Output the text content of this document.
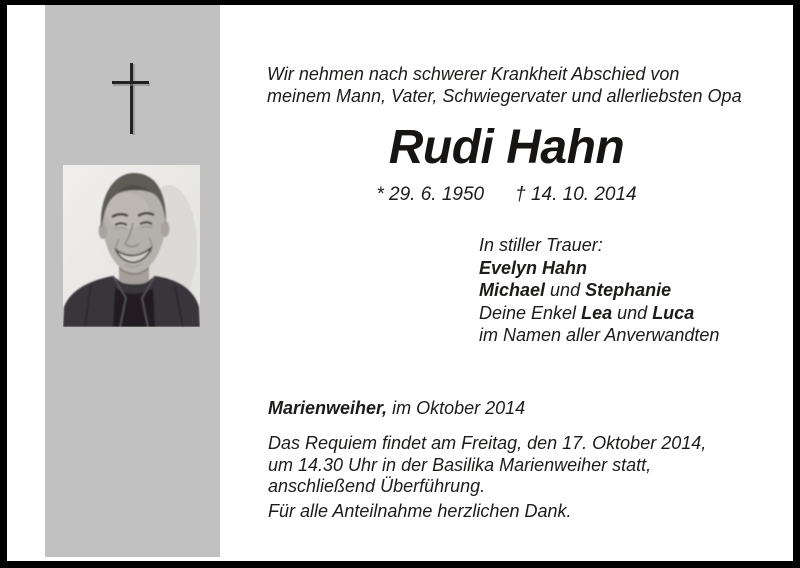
Wir nehmen nach schwerer Krankheit Abschied von
meinem Mann, Vater, Schwiegervater und allerliebsten Opa
Rudi Hahn
* 29. 6. 1950 † 14. 10. 2014
In stiller Trauer:
Evelyn Hahn
Michael und Stephanie
Deine Enkel Lea und Luca
im Namen aller Anverwandten
Marienweiher, im Oktober 2014
Das Requiem findet am Freitag, den 17. Oktober 2014,
um 14.30 Uhr in der Basilika Marienweiher statt,
anschließend Überführung.
Für alle Anteilnahme herzlichen Dank.
